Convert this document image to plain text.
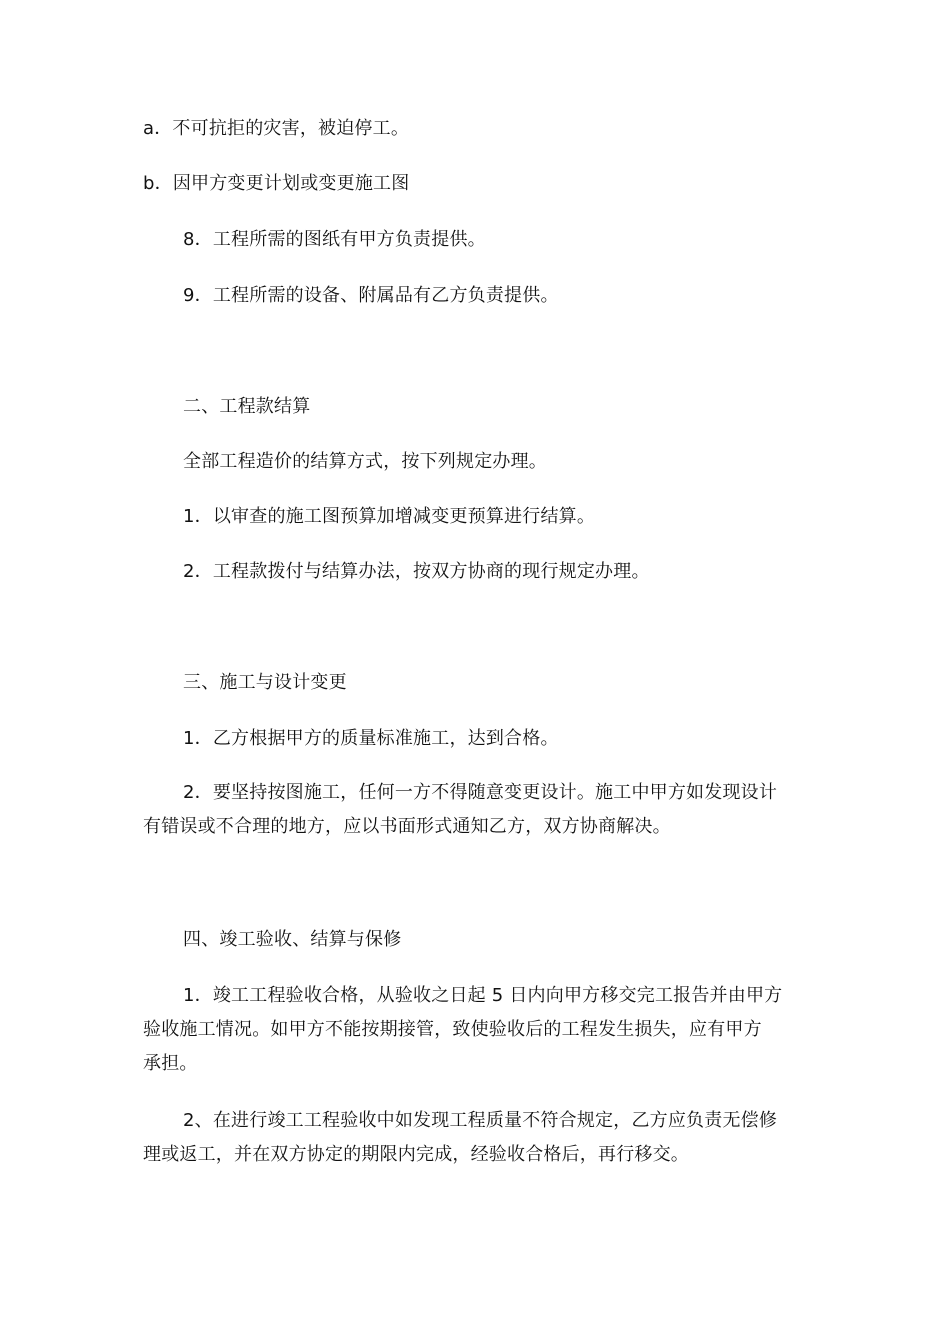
a．不可抗拒的灾害，被迫停工。
b．因甲方变更计划或变更施工图
8．工程所需的图纸有甲方负责提供。
9．工程所需的设备、附属品有乙方负责提供。
二、工程款结算
全部工程造价的结算方式，按下列规定办理。
1．以审查的施工图预算加增减变更预算进行结算。
2．工程款拨付与结算办法，按双方协商的现行规定办理。
三、施工与设计变更
1．乙方根据甲方的质量标准施工，达到合格。
2．要坚持按图施工，任何一方不得随意变更设计。施工中甲方如发现设计
有错误或不合理的地方，应以书面形式通知乙方，双方协商解决。
四、竣工验收、结算与保修
1．竣工工程验收合格，从验收之日起 5 日内向甲方移交完工报告并由甲方
验收施工情况。如甲方不能按期接管，致使验收后的工程发生损失，应有甲方
承担。
2、在进行竣工工程验收中如发现工程质量不符合规定，乙方应负责无偿修
理或返工，并在双方协定的期限内完成，经验收合格后，再行移交。
